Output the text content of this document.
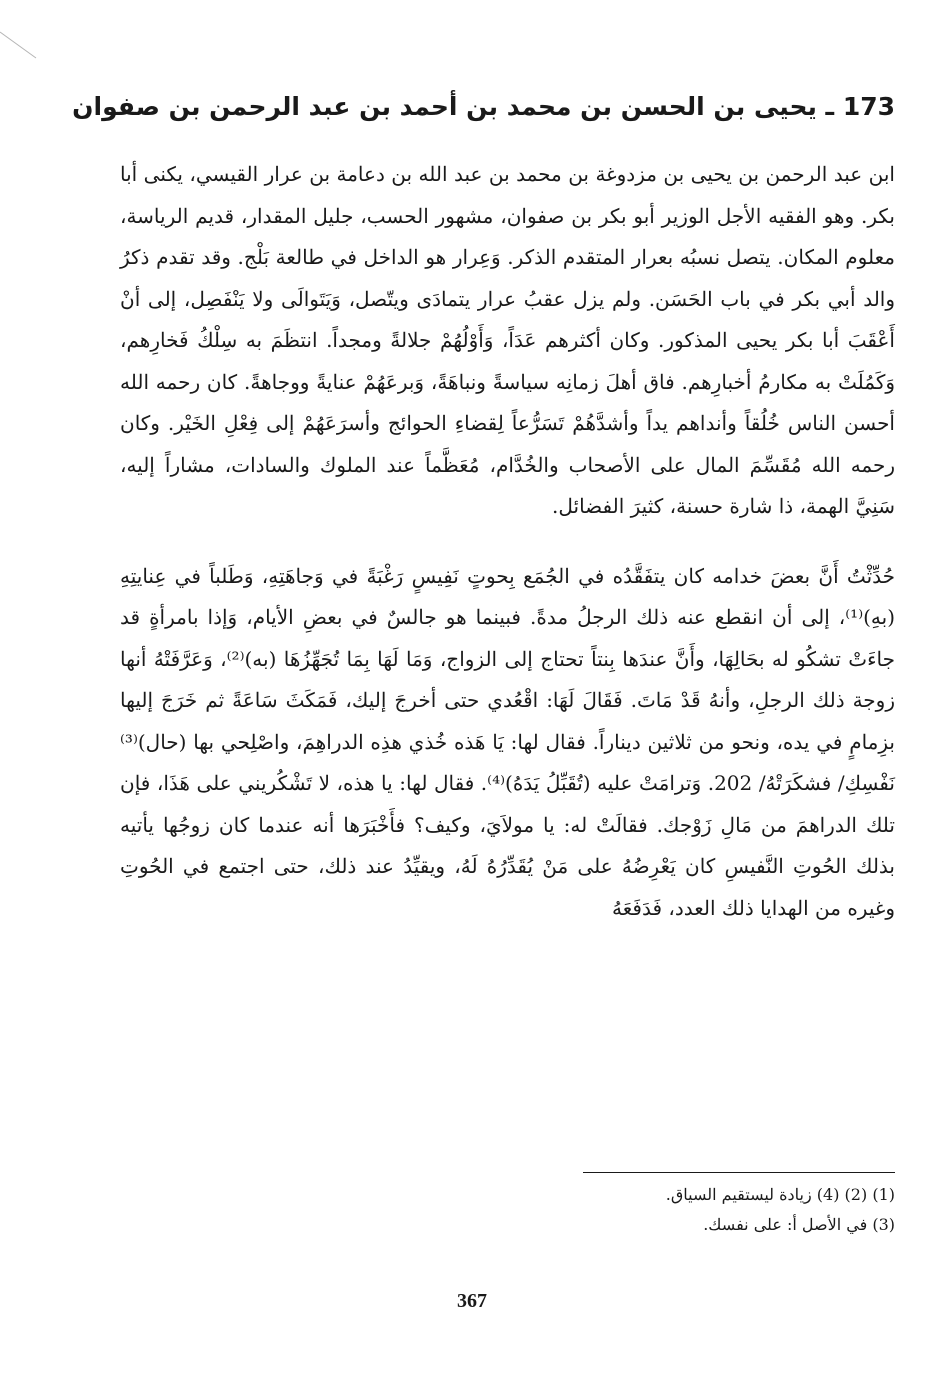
173 ـ يحيى بن الحسن بن محمد بن أحمد بن عبد الرحمن بن صفوان

ابن عبد الرحمن بن يحيى بن مزدوغة بن محمد بن عبد الله بن دعامة بن عرار القيسي، يكنى أبا بكر. وهو الفقيه الأجل الوزير أبو بكر بن صفوان، مشهور الحسب، جليل المقدار، قديم الرياسة، معلوم المكان. يتصل نسبُه بعرار المتقدم الذكر. وَعِرار هو الداخل في طالعة بَلْج. وقد تقدم ذكرُ والد أبي بكر في باب الحَسَن. ولم يزل عقبُ عرار يتمادَى ويتّصل، وَيَتَوالَى ولا يَنْفَصِل، إلى أنْ أَعْقَبَ أبا بكر يحيى المذكور. وكان أكثرهم عَدَاً، وَأَوْلُهُمْ جلالةً ومجداً. انتظَمَ به سِلْكُ فَخارِهم، وَكَمُلَتْ به مكارمُ أخبارِهم. فاق أهلَ زمانِه سياسةً ونباهَةً، وَبرعَهُمْ عنايةً ووجاهةً. كان رحمه الله أحسن الناس خُلُقاً وأنداهم يداً وأشدَّهُمْ تَسَرُّعاً لِقضاءِ الحوائج وأسرَعَهُمْ إلى فِعْلِ الخَيْر. وكان رحمه الله مُقَسِّمَ المال على الأصحاب والخُدَّام، مُعَظَّماً عند الملوك والسادات، مشاراً إليه، سَنِيَّ الهمة، ذا شارة حسنة، كثيرَ الفضائل.

حُدِّثْتُ أَنَّ بعضَ خدامه كان يتفَقَّدُه في الجُمَع بِحوتٍ نَفِيسٍ رَغْبَةً في وَجاهَتِهِ، وَطَلباً في عِنايتِهِ (بهِ)⁽¹⁾، إلى أن انقطع عنه ذلك الرجلُ مدةً. فبينما هو جالسٌ في بعضِ الأيام، وَإذا بامرأةٍ قد جاءَتْ تشكُو له بحَالِهَا، وأَنَّ عندَها بِنتاً تحتاج إلى الزواج، وَمَا لَهَا بِمَا تُجَهِّزُهَا (به)⁽²⁾، وَعَرَّفَتْهُ أنها زوجة ذلك الرجلِ، وأنهُ قَدْ مَاتَ. فَقَالَ لَهَا: اقْعُدي حتى أخرجَ إليك، فَمَكَثَ سَاعَةً ثم خَرَجَ إليها بزِمامٍ في يده، ونحو من ثلاثين ديناراً. فقال لها: يَا هَذه خُذي هذِه الدراهِمَ، واصْلِحي بها (حال)⁽³⁾ نَفْسِكِ/ فشكَرَتْهُ/ 202. وَترامَتْ عليه (تُقَبِّلُ يَدَهُ)⁽⁴⁾. فقال لها: يا هذه، لا تَشْكُريني على هَذَا، فإن تلك الدراهمَ من مَالِ زَوْجك. فقالَتْ له: يا مولاَيَ، وكيف؟ فأَخْبَرَها أنه عندما كان زوجُها يأتيه بذلك الحُوتِ النَّفيسِ كان يَعْرِضُهُ على مَنْ يُقَدِّرُهُ لَهُ، ويقيِّدُ عند ذلك، حتى اجتمع في الحُوتِ وغيره من الهدايا ذلك العدد، فَدَفَعَهُ

(1) (2) (4) زيادة ليستقيم السياق.

(3) في الأصل أ: على نفسك.

367
